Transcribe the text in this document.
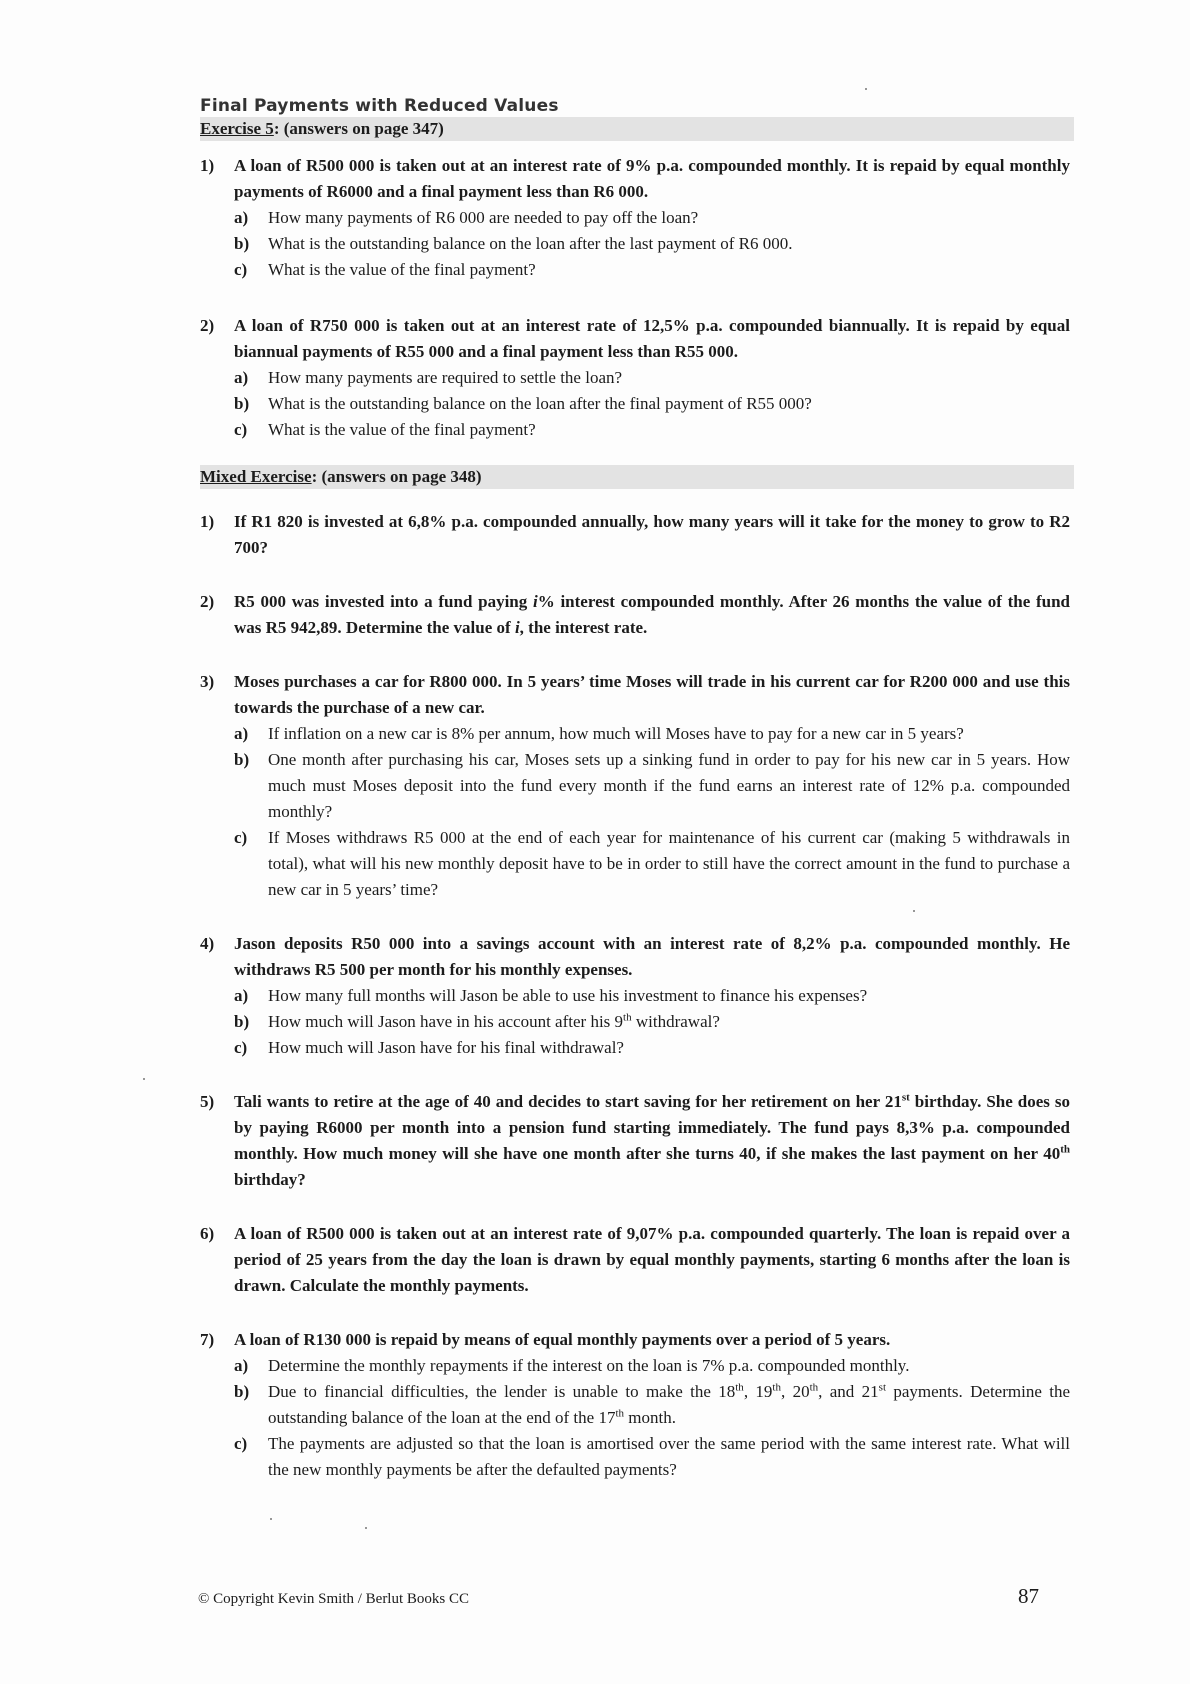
Final Payments with Reduced Values
Exercise 5: (answers on page 347)
1)	A loan of R500 000 is taken out at an interest rate of 9% p.a. compounded monthly. It is repaid by equal monthly payments of R6000 and a final payment less than R6 000.
a)	How many payments of R6 000 are needed to pay off the loan?
b)	What is the outstanding balance on the loan after the last payment of R6 000.
c)	What is the value of the final payment?
2)	A loan of R750 000 is taken out at an interest rate of 12,5% p.a. compounded biannually. It is repaid by equal biannual payments of R55 000 and a final payment less than R55 000.
a)	How many payments are required to settle the loan?
b)	What is the outstanding balance on the loan after the final payment of R55 000?
c)	What is the value of the final payment?
Mixed Exercise: (answers on page 348)
1)	If R1 820 is invested at 6,8% p.a. compounded annually, how many years will it take for the money to grow to R2 700?
2)	R5 000 was invested into a fund paying i% interest compounded monthly. After 26 months the value of the fund was R5 942,89. Determine the value of i, the interest rate.
3)	Moses purchases a car for R800 000. In 5 years’ time Moses will trade in his current car for R200 000 and use this towards the purchase of a new car.
a)	If inflation on a new car is 8% per annum, how much will Moses have to pay for a new car in 5 years?
b)	One month after purchasing his car, Moses sets up a sinking fund in order to pay for his new car in 5 years. How much must Moses deposit into the fund every month if the fund earns an interest rate of 12% p.a. compounded monthly?
c)	If Moses withdraws R5 000 at the end of each year for maintenance of his current car (making 5 withdrawals in total), what will his new monthly deposit have to be in order to still have the correct amount in the fund to purchase a new car in 5 years’ time?
4)	Jason deposits R50 000 into a savings account with an interest rate of 8,2% p.a. compounded monthly. He withdraws R5 500 per month for his monthly expenses.
a)	How many full months will Jason be able to use his investment to finance his expenses?
b)	How much will Jason have in his account after his 9th withdrawal?
c)	How much will Jason have for his final withdrawal?
5)	Tali wants to retire at the age of 40 and decides to start saving for her retirement on her 21st birthday. She does so by paying R6000 per month into a pension fund starting immediately. The fund pays 8,3% p.a. compounded monthly. How much money will she have one month after she turns 40, if she makes the last payment on her 40th birthday?
6)	A loan of R500 000 is taken out at an interest rate of 9,07% p.a. compounded quarterly. The loan is repaid over a period of 25 years from the day the loan is drawn by equal monthly payments, starting 6 months after the loan is drawn. Calculate the monthly payments.
7)	A loan of R130 000 is repaid by means of equal monthly payments over a period of 5 years.
a)	Determine the monthly repayments if the interest on the loan is 7% p.a. compounded monthly.
b)	Due to financial difficulties, the lender is unable to make the 18th, 19th, 20th, and 21st payments. Determine the outstanding balance of the loan at the end of the 17th month.
c)	The payments are adjusted so that the loan is amortised over the same period with the same interest rate. What will the new monthly payments be after the defaulted payments?
© Copyright Kevin Smith / Berlut Books CC	87
